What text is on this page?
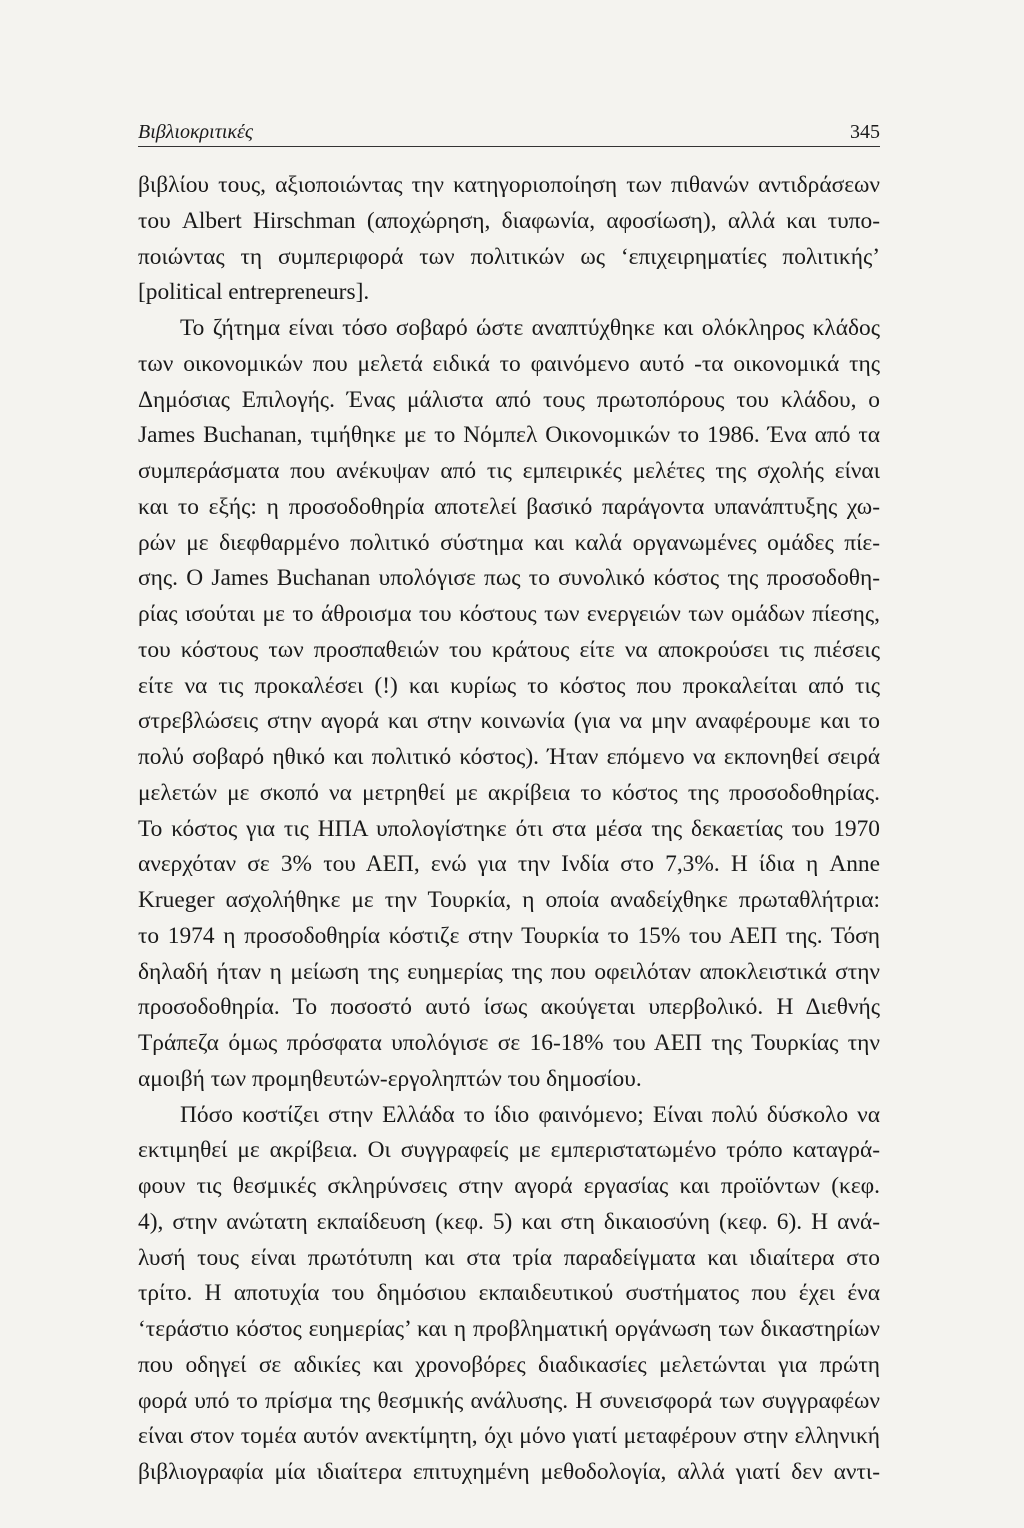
Βιβλιοκριτικές	345
βιβλίου τους, αξιοποιώντας την κατηγοριοποίηση των πιθανών αντιδράσεων
του Albert Hirschman (αποχώρηση, διαφωνία, αφοσίωση), αλλά και τυπο-
ποιώντας τη συμπεριφορά των πολιτικών ως ‘επιχειρηματίες πολιτικής’
[political entrepreneurs].
Το ζήτημα είναι τόσο σοβαρό ώστε αναπτύχθηκε και ολόκληρος κλάδος
των οικονομικών που μελετά ειδικά το φαινόμενο αυτό -τα οικονομικά της
Δημόσιας Επιλογής. Ένας μάλιστα από τους πρωτοπόρους του κλάδου, ο
James Buchanan, τιμήθηκε με το Νόμπελ Οικονομικών το 1986. Ένα από τα
συμπεράσματα που ανέκυψαν από τις εμπειρικές μελέτες της σχολής είναι
και το εξής: η προσοδοθηρία αποτελεί βασικό παράγοντα υπανάπτυξης χω-
ρών με διεφθαρμένο πολιτικό σύστημα και καλά οργανωμένες ομάδες πίε-
σης. Ο James Buchanan υπολόγισε πως το συνολικό κόστος της προσοδοθη-
ρίας ισούται με το άθροισμα του κόστους των ενεργειών των ομάδων πίεσης,
του κόστους των προσπαθειών του κράτους είτε να αποκρούσει τις πιέσεις
είτε να τις προκαλέσει (!) και κυρίως το κόστος που προκαλείται από τις
στρεβλώσεις στην αγορά και στην κοινωνία (για να μην αναφέρουμε και το
πολύ σοβαρό ηθικό και πολιτικό κόστος). Ήταν επόμενο να εκπονηθεί σειρά
μελετών με σκοπό να μετρηθεί με ακρίβεια το κόστος της προσοδοθηρίας.
Το κόστος για τις ΗΠΑ υπολογίστηκε ότι στα μέσα της δεκαετίας του 1970
ανερχόταν σε 3% του ΑΕΠ, ενώ για την Ινδία στο 7,3%. Η ίδια η Anne
Krueger ασχολήθηκε με την Τουρκία, η οποία αναδείχθηκε πρωταθλήτρια:
το 1974 η προσοδοθηρία κόστιζε στην Τουρκία το 15% του ΑΕΠ της. Τόση
δηλαδή ήταν η μείωση της ευημερίας της που οφειλόταν αποκλειστικά στην
προσοδοθηρία. Το ποσοστό αυτό ίσως ακούγεται υπερβολικό. Η Διεθνής
Τράπεζα όμως πρόσφατα υπολόγισε σε 16-18% του ΑΕΠ της Τουρκίας την
αμοιβή των προμηθευτών-εργοληπτών του δημοσίου.
Πόσο κοστίζει στην Ελλάδα το ίδιο φαινόμενο; Είναι πολύ δύσκολο να
εκτιμηθεί με ακρίβεια. Οι συγγραφείς με εμπεριστατωμένο τρόπο καταγρά-
φουν τις θεσμικές σκληρύνσεις στην αγορά εργασίας και προϊόντων (κεφ.
4), στην ανώτατη εκπαίδευση (κεφ. 5) και στη δικαιοσύνη (κεφ. 6). Η ανά-
λυσή τους είναι πρωτότυπη και στα τρία παραδείγματα και ιδιαίτερα στο
τρίτο. Η αποτυχία του δημόσιου εκπαιδευτικού συστήματος που έχει ένα
‘τεράστιο κόστος ευημερίας’ και η προβληματική οργάνωση των δικαστηρίων
που οδηγεί σε αδικίες και χρονοβόρες διαδικασίες μελετώνται για πρώτη
φορά υπό το πρίσμα της θεσμικής ανάλυσης. Η συνεισφορά των συγγραφέων
είναι στον τομέα αυτόν ανεκτίμητη, όχι μόνο γιατί μεταφέρουν στην ελληνική
βιβλιογραφία μία ιδιαίτερα επιτυχημένη μεθοδολογία, αλλά γιατί δεν αντι-
